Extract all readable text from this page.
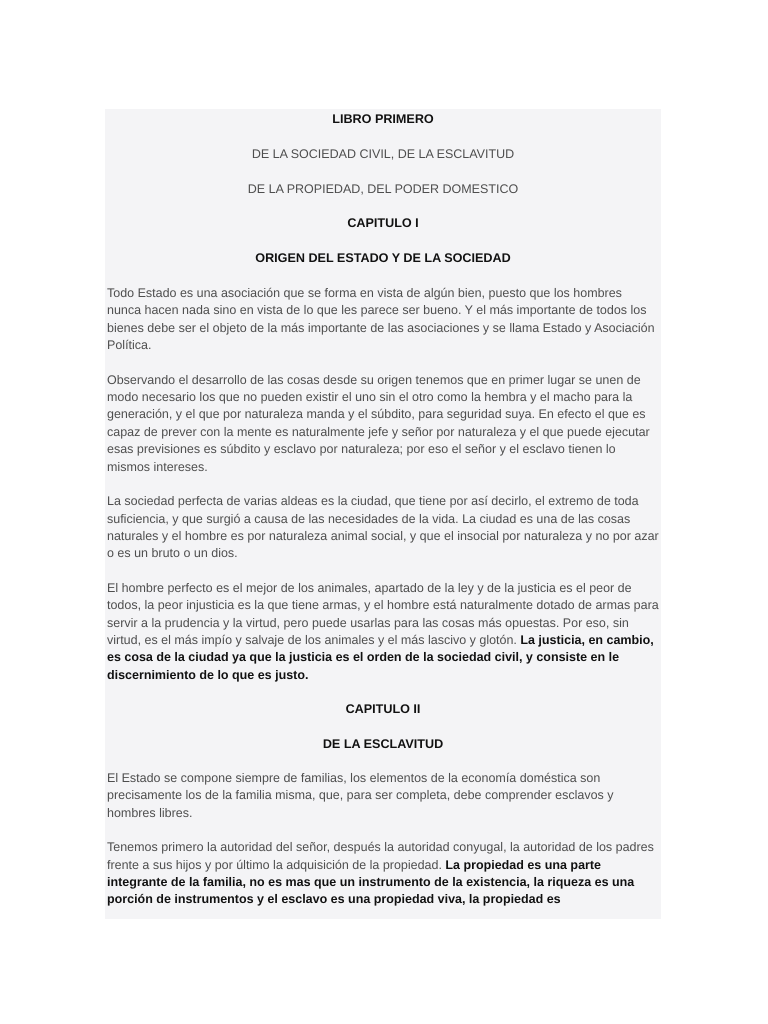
LIBRO PRIMERO

DE LA SOCIEDAD CIVIL, DE LA ESCLAVITUD

DE LA PROPIEDAD, DEL PODER DOMESTICO

CAPITULO I

ORIGEN DEL ESTADO Y DE LA SOCIEDAD

Todo Estado es una asociación que se forma en vista de algún bien, puesto que los hombres nunca hacen nada sino en vista de lo que les parece ser bueno. Y el más importante de todos los bienes debe ser el objeto de la más importante de las asociaciones y se llama Estado y Asociación Política.

Observando el desarrollo de las cosas desde su origen tenemos que en primer lugar se unen de modo necesario los que no pueden existir el uno sin el otro como la hembra y el macho para la generación, y el que por naturaleza manda y el súbdito, para seguridad suya. En efecto el que es capaz de prever con la mente es naturalmente jefe y señor por naturaleza y el que puede ejecutar esas previsiones es súbdito y esclavo por naturaleza; por eso el señor y el esclavo tienen lo mismos intereses.

La sociedad perfecta de varias aldeas es la ciudad, que tiene por así decirlo, el extremo de toda suficiencia, y que surgió a causa de las necesidades de la vida. La ciudad es una de las cosas naturales y el hombre es por naturaleza animal social, y que el insocial por naturaleza y no por azar o es un bruto o un dios.

El hombre perfecto es el mejor de los animales, apartado de la ley y de la justicia es el peor de todos, la peor injusticia es la que tiene armas, y el hombre está naturalmente dotado de armas para servir a la prudencia y la virtud, pero puede usarlas para las cosas más opuestas. Por eso, sin virtud, es el más impío y salvaje de los animales y el más lascivo y glotón. La justicia, en cambio, es cosa de la ciudad ya que la justicia es el orden de la sociedad civil, y consiste en le discernimiento de lo que es justo.

CAPITULO II

DE LA ESCLAVITUD

El Estado se compone siempre de familias, los elementos de la economía doméstica son precisamente los de la familia misma, que, para ser completa, debe comprender esclavos y hombres libres.

Tenemos primero la autoridad del señor, después la autoridad conyugal, la autoridad de los padres frente a sus hijos y por último la adquisición de la propiedad. La propiedad es una parte integrante de la familia, no es mas que un instrumento de la existencia, la riqueza es una porción de instrumentos y el esclavo es una propiedad viva, la propiedad es
